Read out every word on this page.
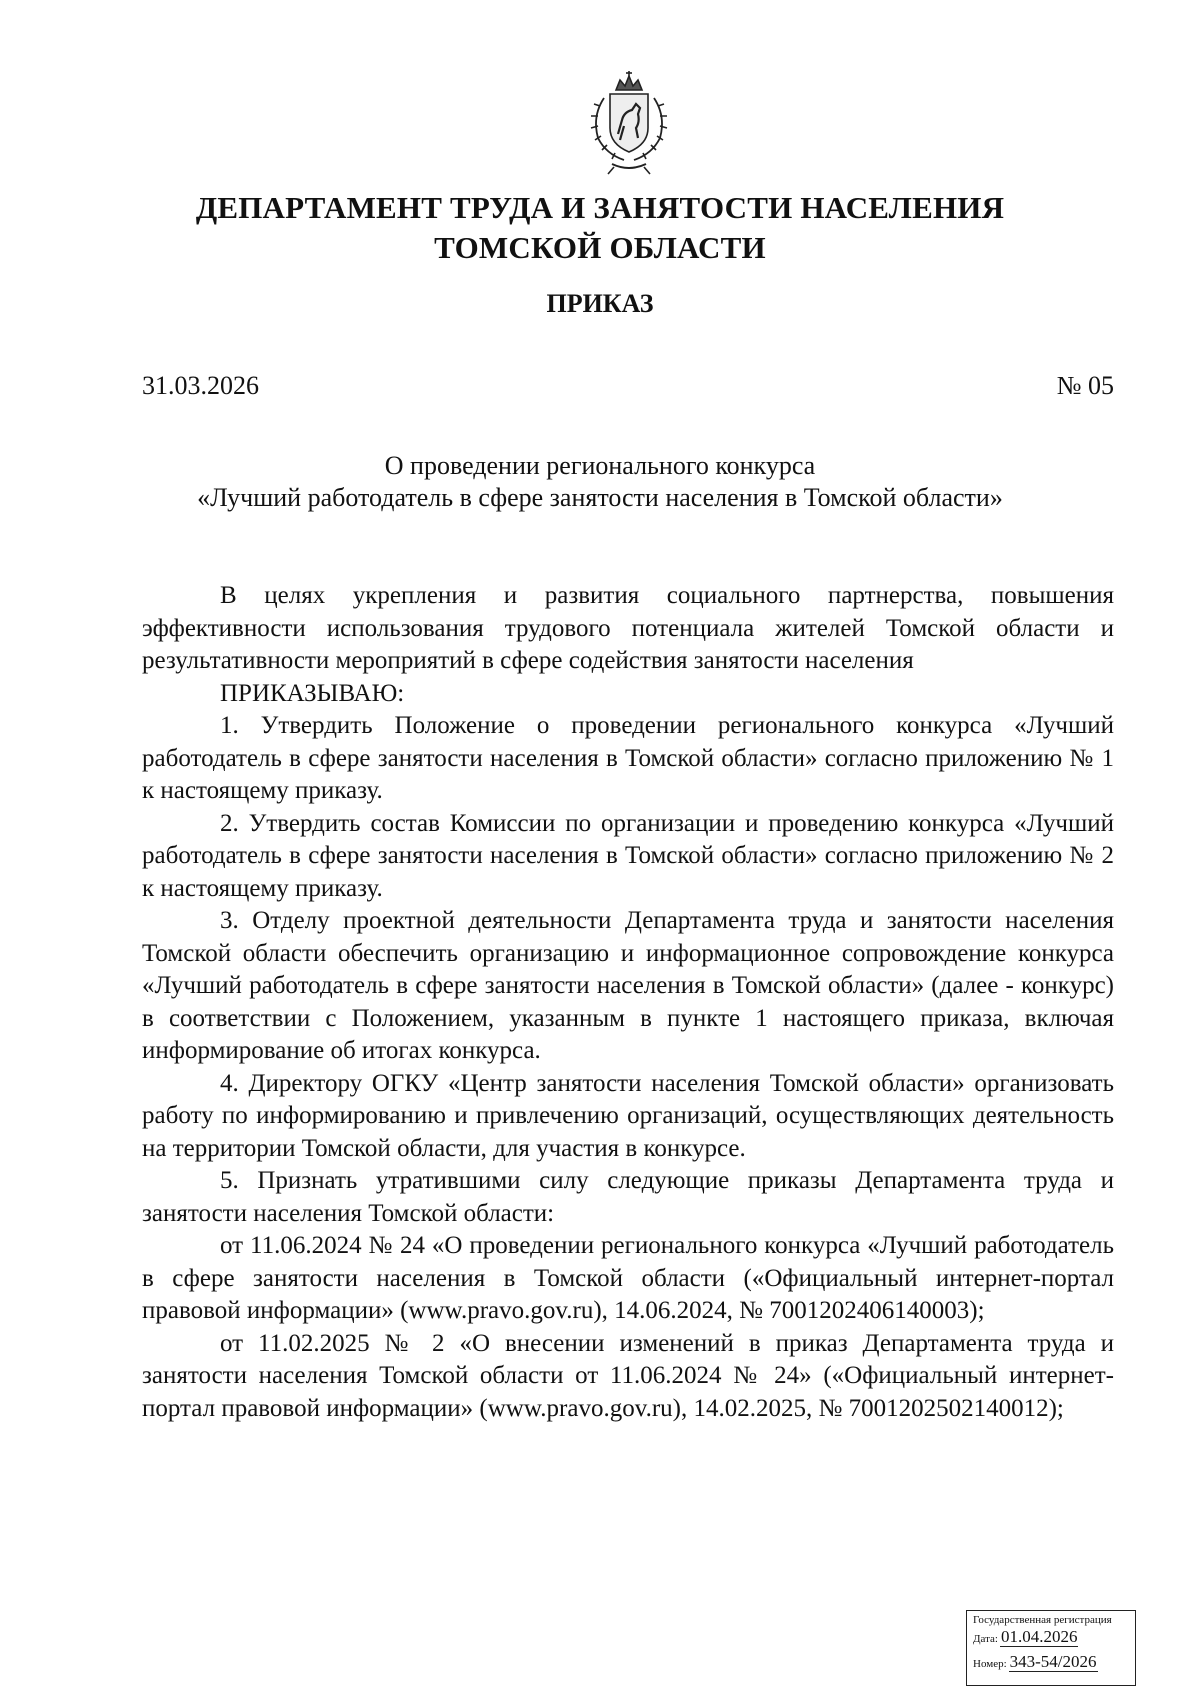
ДЕПАРТАМЕНТ ТРУДА И ЗАНЯТОСТИ НАСЕЛЕНИЯ
ТОМСКОЙ ОБЛАСТИ
ПРИКАЗ
31.03.2026	№ 05
О проведении регионального конкурса
«Лучший работодатель в сфере занятости населения в Томской области»

В целях укрепления и развития социального партнерства, повышения эффективности использования трудового потенциала жителей Томской области и результативности мероприятий в сфере содействия занятости населения

ПРИКАЗЫВАЮ:

1. Утвердить Положение о проведении регионального конкурса «Лучший работодатель в сфере занятости населения в Томской области» согласно приложению № 1 к настоящему приказу.

2. Утвердить состав Комиссии по организации и проведению конкурса «Лучший работодатель в сфере занятости населения в Томской области» согласно приложению № 2 к настоящему приказу.

3. Отделу проектной деятельности Департамента труда и занятости населения Томской области обеспечить организацию и информационное сопровождение конкурса «Лучший работодатель в сфере занятости населения в Томской области» (далее - конкурс) в соответствии с Положением, указанным в пункте 1 настоящего приказа, включая информирование об итогах конкурса.

4. Директору ОГКУ «Центр занятости населения Томской области» организовать работу по информированию и привлечению организаций, осуществляющих деятельность на территории Томской области, для участия в конкурсе.

5. Признать утратившими силу следующие приказы Департамента труда и занятости населения Томской области:

от 11.06.2024 № 24 «О проведении регионального конкурса «Лучший работодатель в сфере занятости населения в Томской области («Официальный интернет-портал правовой информации» (www.pravo.gov.ru), 14.06.2024, № 7001202406140003);

от 11.02.2025 № 2 «О внесении изменений в приказ Департамента труда и занятости населения Томской области от 11.06.2024 № 24» («Официальный интернет-портал правовой информации» (www.pravo.gov.ru), 14.02.2025, № 7001202502140012);

Государственная регистрация
Дата: 01.04.2026
Номер: 343-54/2026
